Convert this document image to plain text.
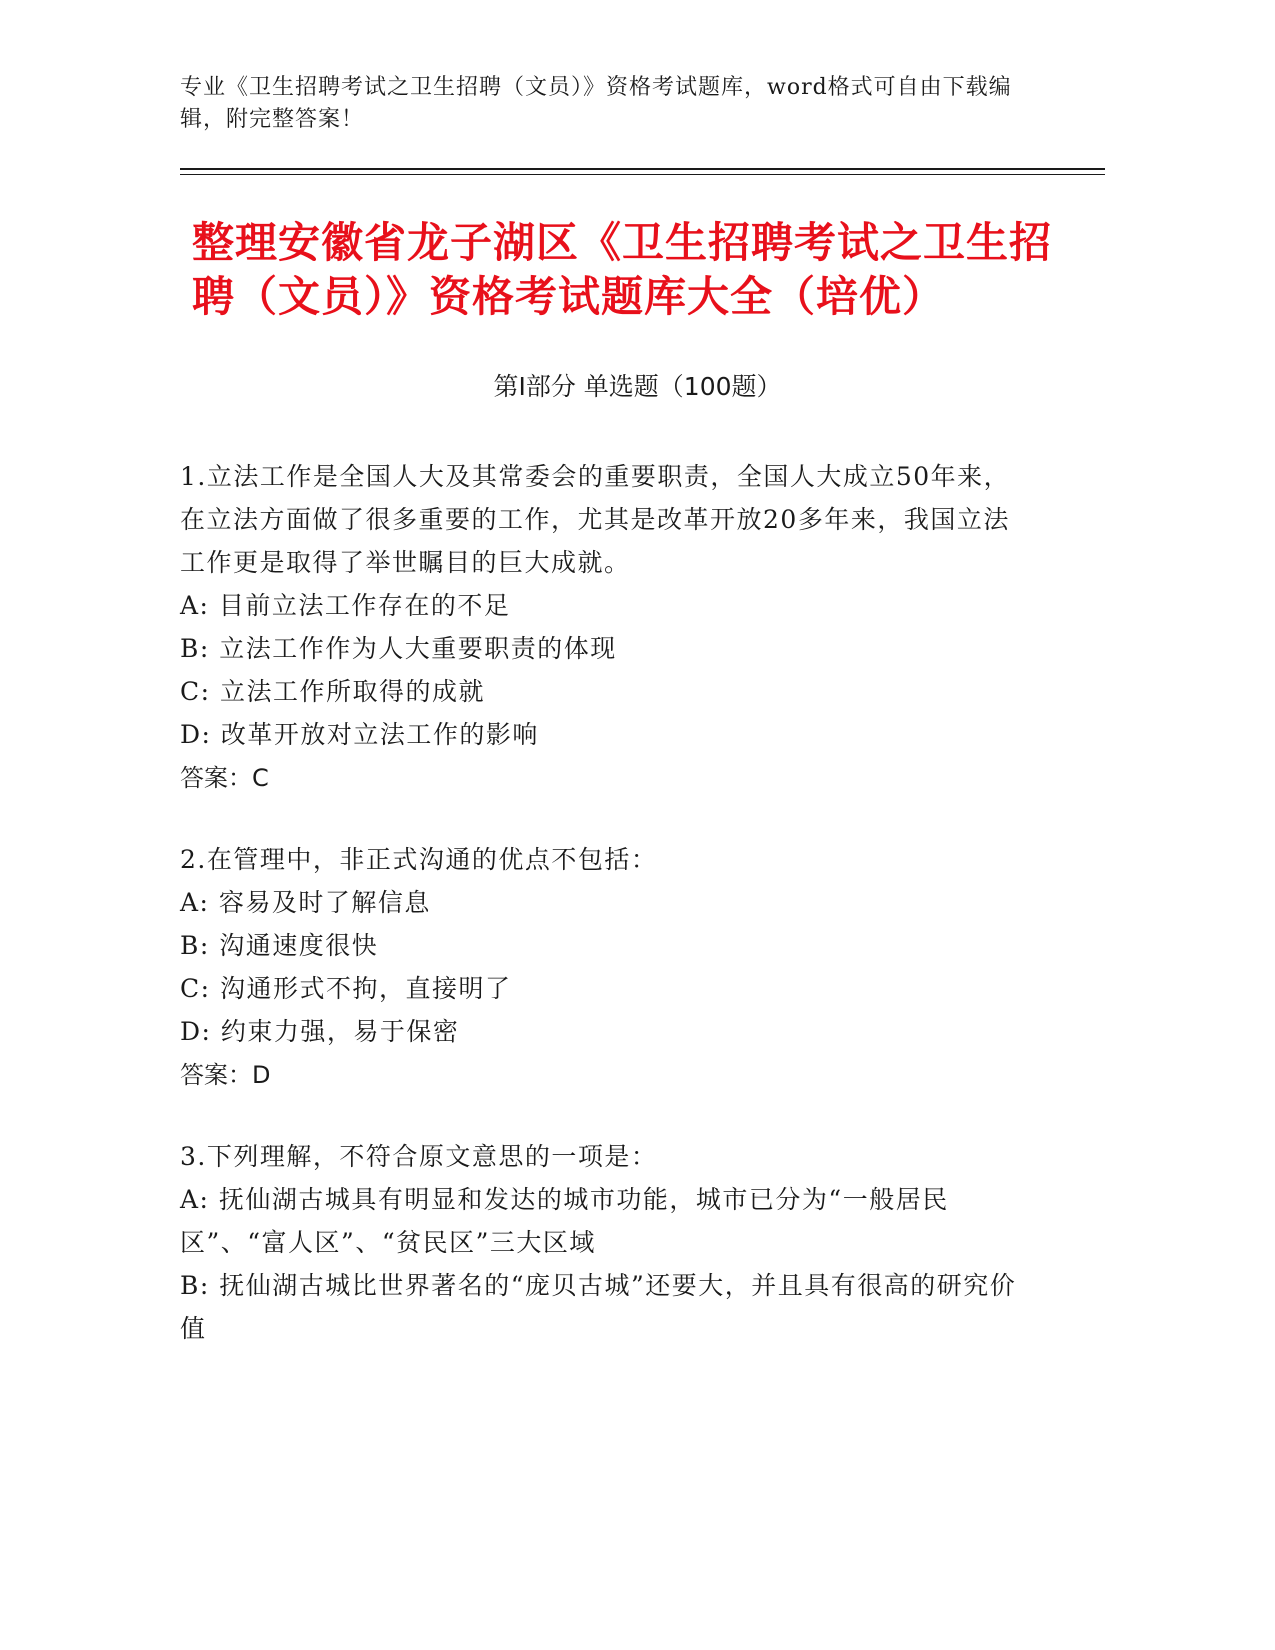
专业《卫生招聘考试之卫生招聘（文员）》资格考试题库，word格式可自由下载编辑，附完整答案！
整理安徽省龙子湖区《卫生招聘考试之卫生招聘（文员）》资格考试题库大全（培优）
第Ⅰ部分 单选题（100题）
1.立法工作是全国人大及其常委会的重要职责，全国人大成立50年来，在立法方面做了很多重要的工作，尤其是改革开放20多年来，我国立法工作更是取得了举世瞩目的巨大成就。
A: 目前立法工作存在的不足
B: 立法工作作为人大重要职责的体现
C: 立法工作所取得的成就
D: 改革开放对立法工作的影响
答案：C
2.在管理中，非正式沟通的优点不包括：
A: 容易及时了解信息
B: 沟通速度很快
C: 沟通形式不拘，直接明了
D: 约束力强，易于保密
答案：D
3.下列理解，不符合原文意思的一项是：
A: 抚仙湖古城具有明显和发达的城市功能，城市已分为“一般居民区”、“富人区”、“贫民区”三大区域
B: 抚仙湖古城比世界著名的“庞贝古城”还要大，并且具有很高的研究价值
